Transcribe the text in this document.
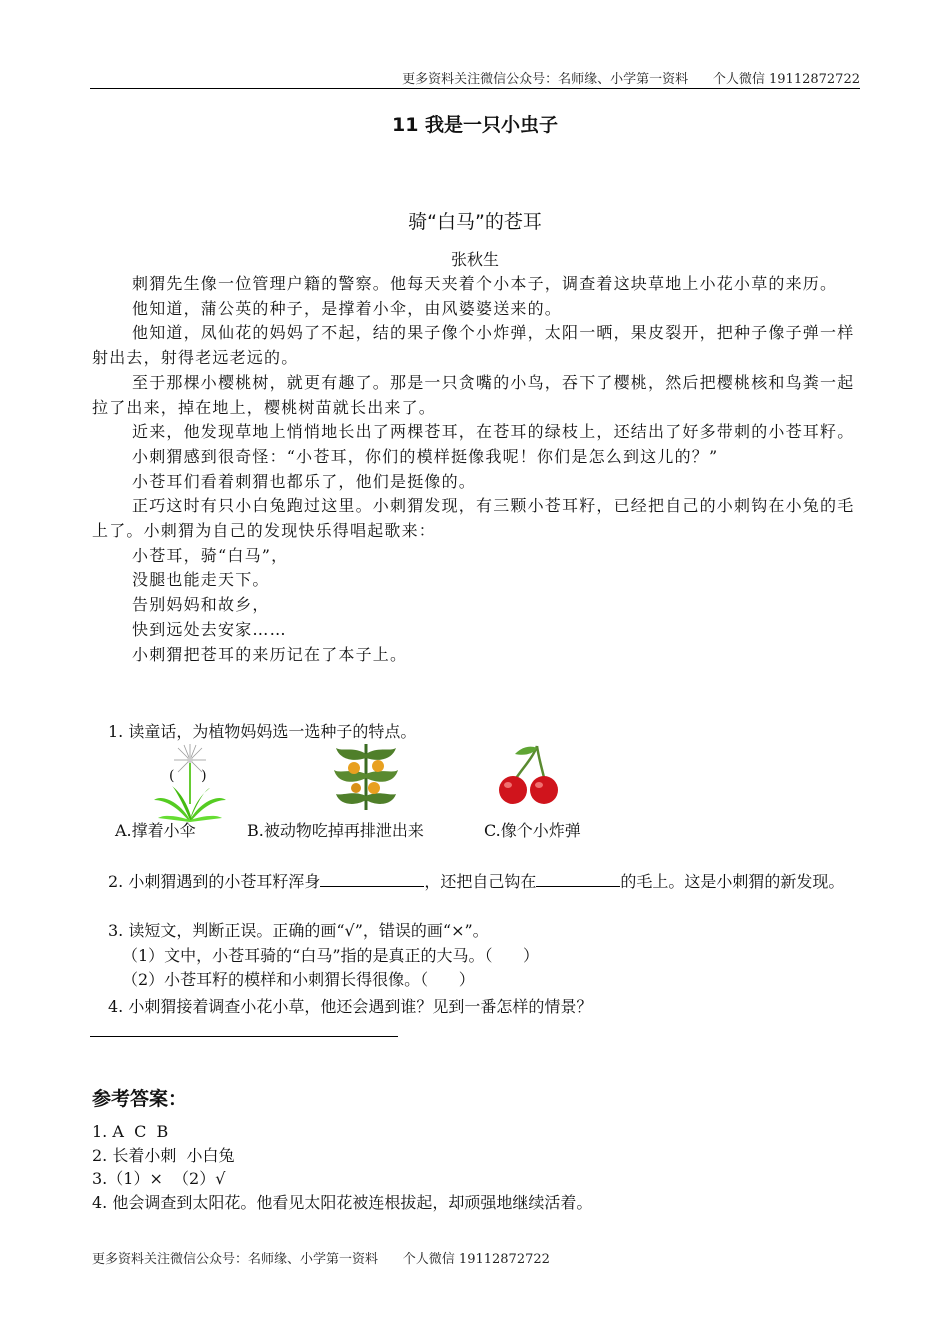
更多资料关注微信公众号：名师缘、小学第一资料      个人微信 19112872722
11 我是一只小虫子
骑“白马”的苍耳
张秋生

刺猬先生像一位管理户籍的警察。他每天夹着个小本子，调查着这块草地上小花小草的来历。

他知道，蒲公英的种子，是撑着小伞，由风婆婆送来的。

他知道，凤仙花的妈妈了不起，结的果子像个小炸弹，太阳一晒，果皮裂开，把种子像子弹一样射出去，射得老远老远的。

至于那棵小樱桃树，就更有趣了。那是一只贪嘴的小鸟，吞下了樱桃，然后把樱桃核和鸟粪一起拉了出来，掉在地上，樱桃树苗就长出来了。

近来，他发现草地上悄悄地长出了两棵苍耳，在苍耳的绿枝上，还结出了好多带刺的小苍耳籽。

小刺猬感到很奇怪：“小苍耳，你们的模样挺像我呢！你们是怎么到这儿的？”

小苍耳们看着刺猬也都乐了，他们是挺像的。

正巧这时有只小白兔跑过这里。小刺猬发现，有三颗小苍耳籽，已经把自己的小刺钩在小兔的毛上了。小刺猬为自己的发现快乐得唱起歌来：

小苍耳，骑“白马”，

没腿也能走天下。

告别妈妈和故乡，

快到远处去安家……

小刺猬把苍耳的来历记在了本子上。

1. 读童话，为植物妈妈选一选种子的特点。

(      )
A.撑着小伞	B.被动物吃掉再排泄出来	C.像个小炸弹

2. 小刺猬遇到的小苍耳籽浑身	，还把自己钩在	的毛上。这是小刺猬的新发现。

3. 读短文，判断正误。正确的画“√”，错误的画“×”。

（1）文中，小苍耳骑的“白马”指的是真正的大马。（      ）

（2）小苍耳籽的模样和小刺猬长得很像。（      ）

4. 小刺猬接着调查小花小草，他还会遇到谁？见到一番怎样的情景？

参考答案：

1. A  C  B

2. 长着小刺  小白兔

3.（1）×  （2）√

4. 他会调查到太阳花。他看见太阳花被连根拔起，却顽强地继续活着。

更多资料关注微信公众号：名师缘、小学第一资料      个人微信 19112872722
